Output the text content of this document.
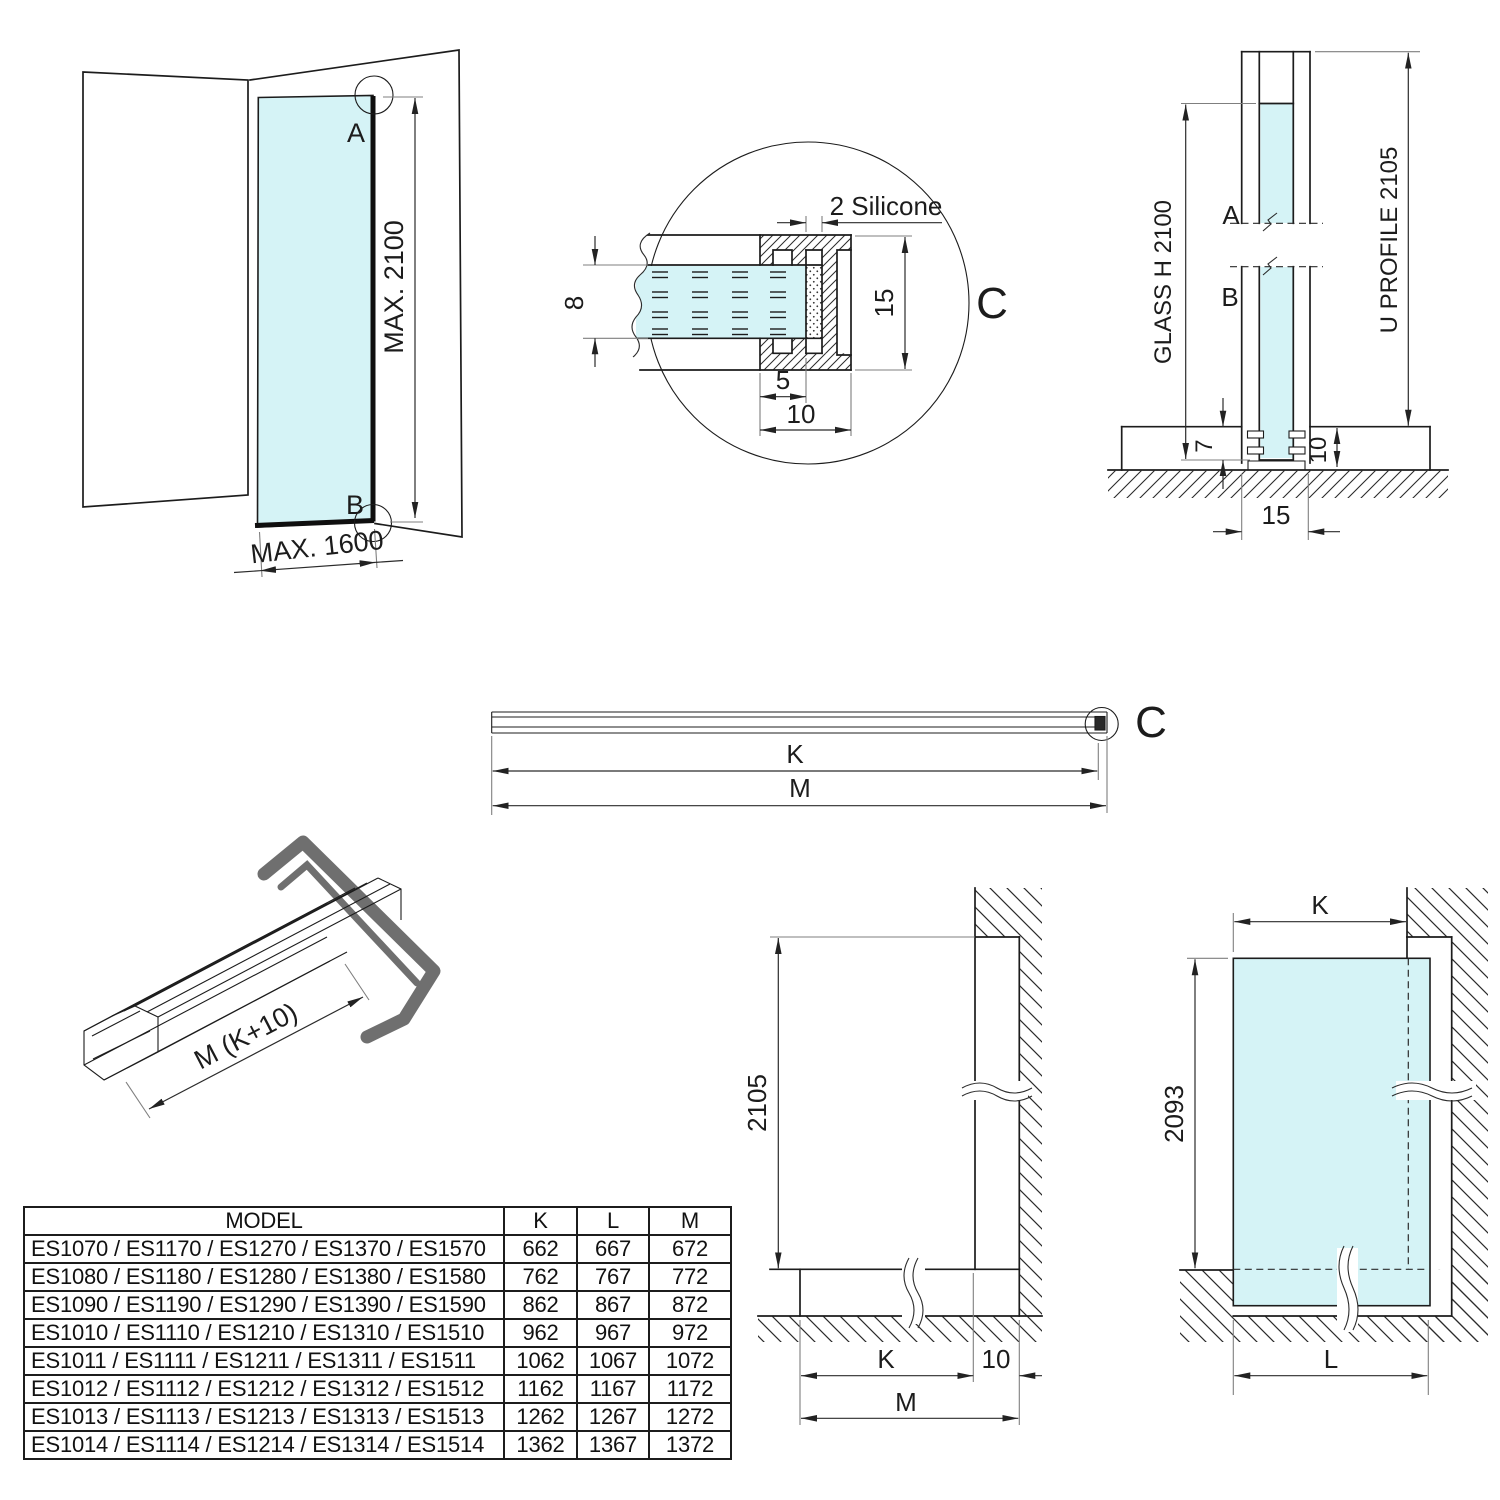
A
B
MAX. 2100
MAX. 1600
8
2 Silicone
5
10
15 C
A
B
GLASS H 2100	U PROFILE 2105
7	10
15
C
K
M
M (K+10)
2105
K	10
M
K
2093
L
MODEL	K	L	M
ES1070 / ES1170 / ES1270 / ES1370 / ES1570	662	667	672
ES1080 / ES1180 / ES1280 / ES1380 / ES1580	762	767	772
ES1090 / ES1190 / ES1290 / ES1390 / ES1590	862	867	872
ES1010 / ES1110 / ES1210 / ES1310 / ES1510	962	967	972
ES1011 / ES1111 / ES1211 / ES1311 / ES1511	1062	1067	1072
ES1012 / ES1112 / ES1212 / ES1312 / ES1512	1162	1167	1172
ES1013 / ES1113 / ES1213 / ES1313 / ES1513	1262	1267	1272
ES1014 / ES1114 / ES1214 / ES1314 / ES1514	1362	1367	1372
